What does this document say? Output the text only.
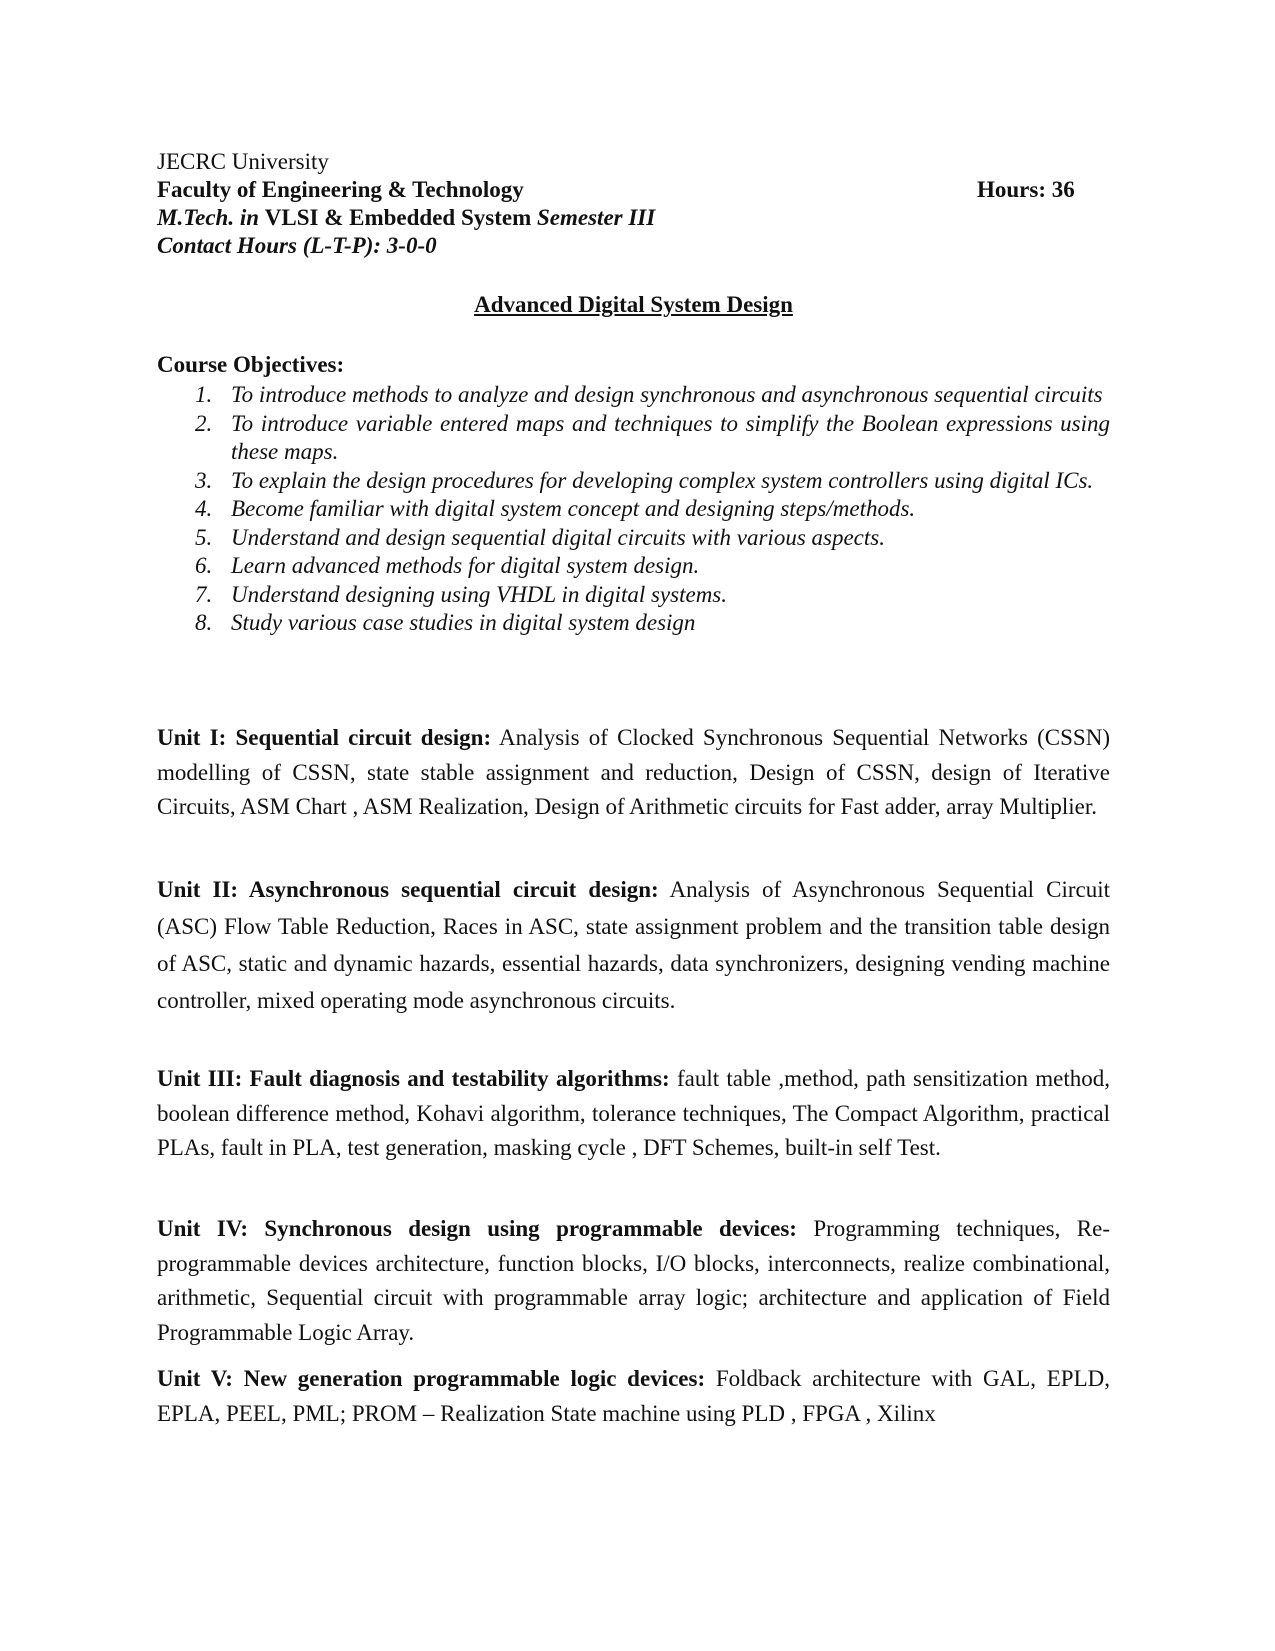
JECRC University
Faculty of Engineering & Technology	Hours: 36
M.Tech. in VLSI & Embedded System Semester III
Contact Hours (L-T-P): 3-0-0
Advanced Digital System Design
Course Objectives:
1. To introduce methods to analyze and design synchronous and asynchronous sequential circuits
2. To introduce variable entered maps and techniques to simplify the Boolean expressions using these maps.
3. To explain the design procedures for developing complex system controllers using digital ICs.
4. Become familiar with digital system concept and designing steps/methods.
5. Understand and design sequential digital circuits with various aspects.
6. Learn advanced methods for digital system design.
7. Understand designing using VHDL in digital systems.
8. Study various case studies in digital system design

Unit I: Sequential circuit design: Analysis of Clocked Synchronous Sequential Networks (CSSN) modelling of CSSN, state stable assignment and reduction, Design of CSSN, design of Iterative Circuits, ASM Chart , ASM Realization, Design of Arithmetic circuits for Fast adder, array Multiplier.

Unit II: Asynchronous sequential circuit design: Analysis of Asynchronous Sequential Circuit (ASC) Flow Table Reduction, Races in ASC, state assignment problem and the transition table design of ASC, static and dynamic hazards, essential hazards, data synchronizers, designing vending machine controller, mixed operating mode asynchronous circuits.

Unit III: Fault diagnosis and testability algorithms: fault table ,method, path sensitization method, boolean difference method, Kohavi algorithm, tolerance techniques, The Compact Algorithm, practical PLAs, fault in PLA, test generation, masking cycle , DFT Schemes, built-in self Test.

Unit IV: Synchronous design using programmable devices: Programming techniques, Re-programmable devices architecture, function blocks, I/O blocks, interconnects, realize combinational, arithmetic, Sequential circuit with programmable array logic; architecture and application of Field Programmable Logic Array.

Unit V: New generation programmable logic devices: Foldback architecture with GAL, EPLD, EPLA, PEEL, PML; PROM – Realization State machine using PLD , FPGA , Xilinx
